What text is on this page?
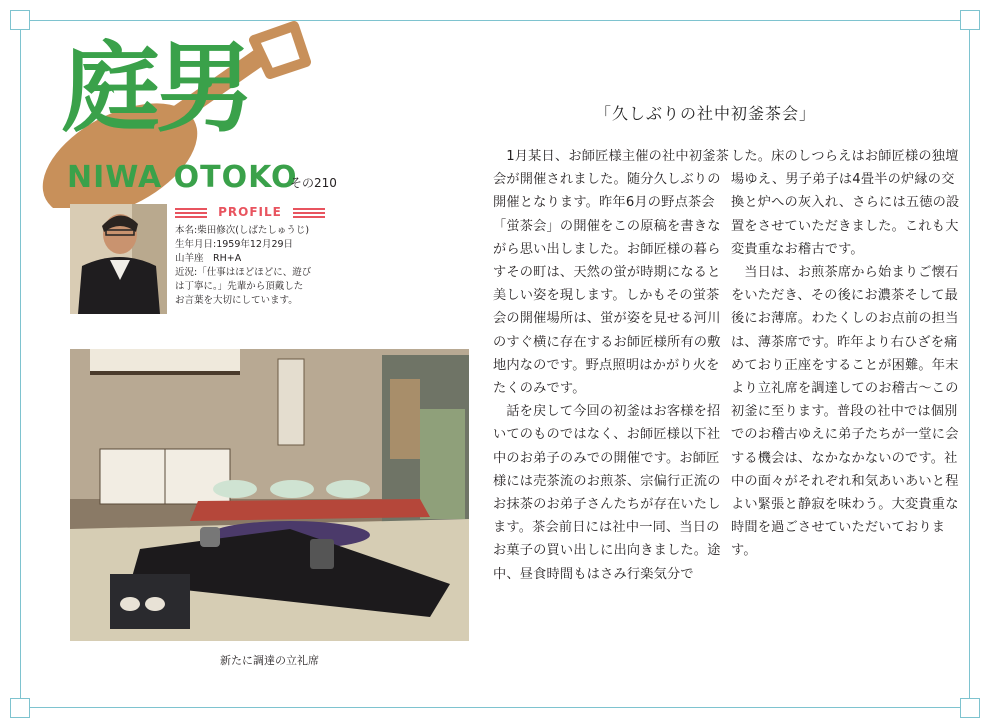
庭男
NIWA OTOKO
その210
PROFILE
本名:柴田修次(しばたしゅうじ)
生年月日:1959年12月29日
山羊座　RH+A
近況:「仕事はほどほどに、遊び
は丁寧に。」先輩から頂戴した
お言葉を大切にしています。
新たに調達の立礼席
「久しぶりの社中初釜茶会」

1月某日、お師匠様主催の社中初釜茶会が開催されました。随分久しぶりの開催となります。昨年6月の野点茶会「蛍茶会」の開催をこの原稿を書きながら思い出しました。お師匠様の暮らすその町は、天然の蛍が時期になると美しい姿を現します。しかもその蛍茶会の開催場所は、蛍が姿を見せる河川のすぐ横に存在するお師匠様所有の敷地内なのです。野点照明はかがり火をたくのみです。

話を戻して今回の初釜はお客様を招いてのものではなく、お師匠様以下社中のお弟子のみでの開催です。お師匠様には売茶流のお煎茶、宗偏行正流のお抹茶のお弟子さんたちが存在いたします。茶会前日には社中一同、当日のお菓子の買い出しに出向きました。途中、昼食時間もはさみ行楽気分で

した。床のしつらえはお師匠様の独壇場ゆえ、男子弟子は4畳半の炉縁の交換と炉への灰入れ、さらには五徳の設置をさせていただきました。これも大変貴重なお稽古です。

当日は、お煎茶席から始まりご懐石をいただき、その後にお濃茶そして最後にお薄席。わたくしのお点前の担当は、薄茶席です。昨年より右ひざを痛めており正座をすることが困難。年末より立礼席を調達してのお稽古～この初釜に至ります。普段の社中では個別でのお稽古ゆえに弟子たちが一堂に会する機会は、なかなかないのです。社中の面々がそれぞれ和気あいあいと程よい緊張と静寂を味わう。大変貴重な時間を過ごさせていただいております。
